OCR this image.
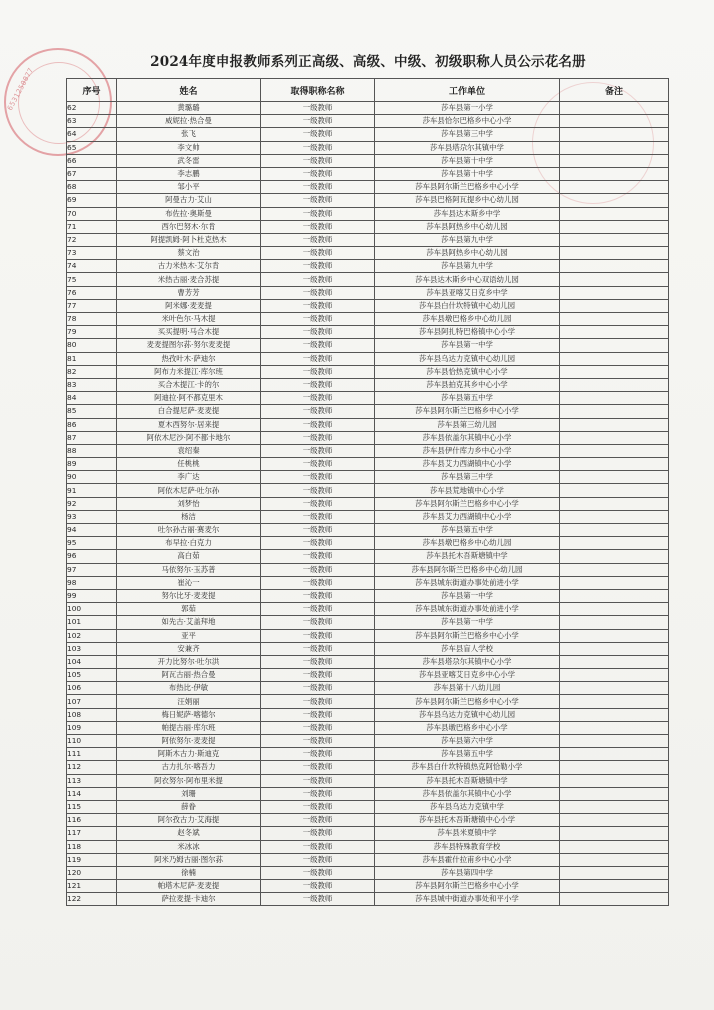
6531250077
2024年度申报教师系列正高级、高级、中级、初级职称人员公示花名册
序号	姓名	取得职称名称	工作单位	备注
62	黄璐璐	一级教师	莎车县第一小学	
63	威妮拉·热合曼	一级教师	莎车县恰尔巴格乡中心小学	
64	张飞	一级教师	莎车县第三中学	
65	李文帅	一级教师	莎车县塔尕尔其镇中学	
66	武冬雷	一级教师	莎车县第十中学	
67	李志鹏	一级教师	莎车县第十中学	
68	邹小平	一级教师	莎车县阿尔斯兰巴格乡中心小学	
69	阿曼古力·艾山	一级教师	莎车县巴格阿瓦提乡中心幼儿园	
70	布佐拉·奥斯曼	一级教师	莎车县达木斯乡中学	
71	西尔巴努木·尔肯	一级教师	莎车县阿热乡中心幼儿园	
72	阿提凯姆·阿卜杜克热木	一级教师	莎车县第九中学	
73	蔡文治	一级教师	莎车县阿热乡中心幼儿园	
74	古力米热木·艾尔肯	一级教师	莎车县第九中学	
75	米热古丽·麦合苏提	一级教师	莎车县达木斯乡中心双语幼儿园	
76	曹芳芳	一级教师	莎车县亚喀艾日克乡中学	
77	阿米娜·麦麦提	一级教师	莎车县白什坎特镇中心幼儿园	
78	米叶色尔·马木提	一级教师	莎车县墩巴格乡中心幼儿园	
79	买买提明·马合木提	一级教师	莎车县阿扎特巴格镇中心小学	
80	麦麦提图尔荪·努尔麦麦提	一级教师	莎车县第一中学	
81	热孜叶木·萨迪尔	一级教师	莎车县乌达力克镇中心幼儿园	
82	阿布力米提江·库尔班	一级教师	莎车县恰热克镇中心小学	
83	买合木提江·卡的尔	一级教师	莎车县拍克其乡中心小学	
84	阿迪拉·阿不都克里木	一级教师	莎车县第五中学	
85	白合提尼萨·麦麦提	一级教师	莎车县阿尔斯兰巴格乡中心小学	
86	夏木西努尔·居来提	一级教师	莎车县第三幼儿园	
87	阿依木尼沙·阿不都卡地尔	一级教师	莎车县依盖尔其镇中心小学	
88	袁绍秦	一级教师	莎车县伊什库力乡中心小学	
89	任桃桃	一级教师	莎车县艾力西湖镇中心小学	
90	李广达	一级教师	莎车县第三中学	
91	阿依木尼萨·吐尔孙	一级教师	莎车县荒地镇中心小学	
92	刘梦怡	一级教师	莎车县阿尔斯兰巴格乡中心小学	
93	杨洁	一级教师	莎车县艾力西湖镇中心小学	
94	吐尔孙古丽·赛麦尔	一级教师	莎车县第五中学	
95	布早拉·白克力	一级教师	莎车县墩巴格乡中心幼儿园	
96	高白茹	一级教师	莎车县托木吾斯塘镇中学	
97	马依努尔·玉苏普	一级教师	莎车县阿尔斯兰巴格乡中心幼儿园	
98	崔沁一	一级教师	莎车县城东街道办事处前进小学	
99	努尔比牙·麦麦提	一级教师	莎车县第一中学	
100	郭茹	一级教师	莎车县城东街道办事处前进小学	
101	如先古·艾盖拜地	一级教师	莎车县第一中学	
102	亚平	一级教师	莎车县阿尔斯兰巴格乡中心小学	
103	安兼齐	一级教师	莎车县盲人学校	
104	开力比努尔·吐尔洪	一级教师	莎车县塔尕尔其镇中心小学	
105	阿瓦古丽·热合曼	一级教师	莎车县亚喀艾日克乡中心小学	
106	布热比·伊敏	一级教师	莎车县第十八幼儿园	
107	汪娟丽	一级教师	莎车县阿尔斯兰巴格乡中心小学	
108	梅日妮萨·喀德尔	一级教师	莎车县乌达力克镇中心幼儿园	
109	帕提古丽·库尔班	一级教师	莎车县墩巴格乡中心小学	
110	阿依努尔·麦麦提	一级教师	莎车县第六中学	
111	阿斯木古力·斯迪克	一级教师	莎车县第五中学	
112	古力扎尔·喀吾力	一级教师	莎车县白什坎特镇热克阿恰勒小学	
113	阿衣努尔·阿布里米提	一级教师	莎车县托木吾斯塘镇中学	
114	刘珊	一级教师	莎车县依盖尔其镇中心小学	
115	薛眷	一级教师	莎车县乌达力克镇中学	
116	阿尔孜古力·艾海提	一级教师	莎车县托木吾斯塘镇中心小学	
117	赵冬斌	一级教师	莎车县米夏镇中学	
118	米冰冰	一级教师	莎车县特殊教育学校	
119	阿米乃姆古丽·图尔荪	一级教师	莎车县霍什拉甫乡中心小学	
120	徐楠	一级教师	莎车县第四中学	
121	帕塔木尼萨·麦麦提	一级教师	莎车县阿尔斯兰巴格乡中心小学	
122	萨拉麦提·卡迪尔	一级教师	莎车县城中街道办事处和平小学	
